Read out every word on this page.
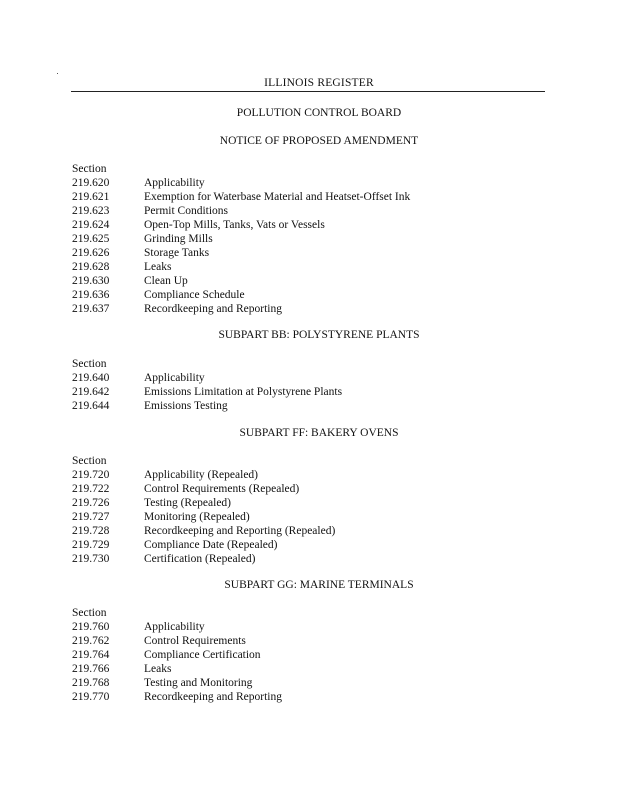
ILLINOIS REGISTER
POLLUTION CONTROL BOARD
NOTICE OF PROPOSED AMENDMENT
Section
219.620	Applicability
219.621	Exemption for Waterbase Material and Heatset-Offset Ink
219.623	Permit Conditions
219.624	Open-Top Mills, Tanks, Vats or Vessels
219.625	Grinding Mills
219.626	Storage Tanks
219.628	Leaks
219.630	Clean Up
219.636	Compliance Schedule
219.637	Recordkeeping and Reporting
SUBPART BB: POLYSTYRENE PLANTS
Section
219.640	Applicability
219.642	Emissions Limitation at Polystyrene Plants
219.644	Emissions Testing
SUBPART FF: BAKERY OVENS
Section
219.720	Applicability (Repealed)
219.722	Control Requirements (Repealed)
219.726	Testing (Repealed)
219.727	Monitoring (Repealed)
219.728	Recordkeeping and Reporting (Repealed)
219.729	Compliance Date (Repealed)
219.730	Certification (Repealed)
SUBPART GG: MARINE TERMINALS
Section
219.760	Applicability
219.762	Control Requirements
219.764	Compliance Certification
219.766	Leaks
219.768	Testing and Monitoring
219.770	Recordkeeping and Reporting
